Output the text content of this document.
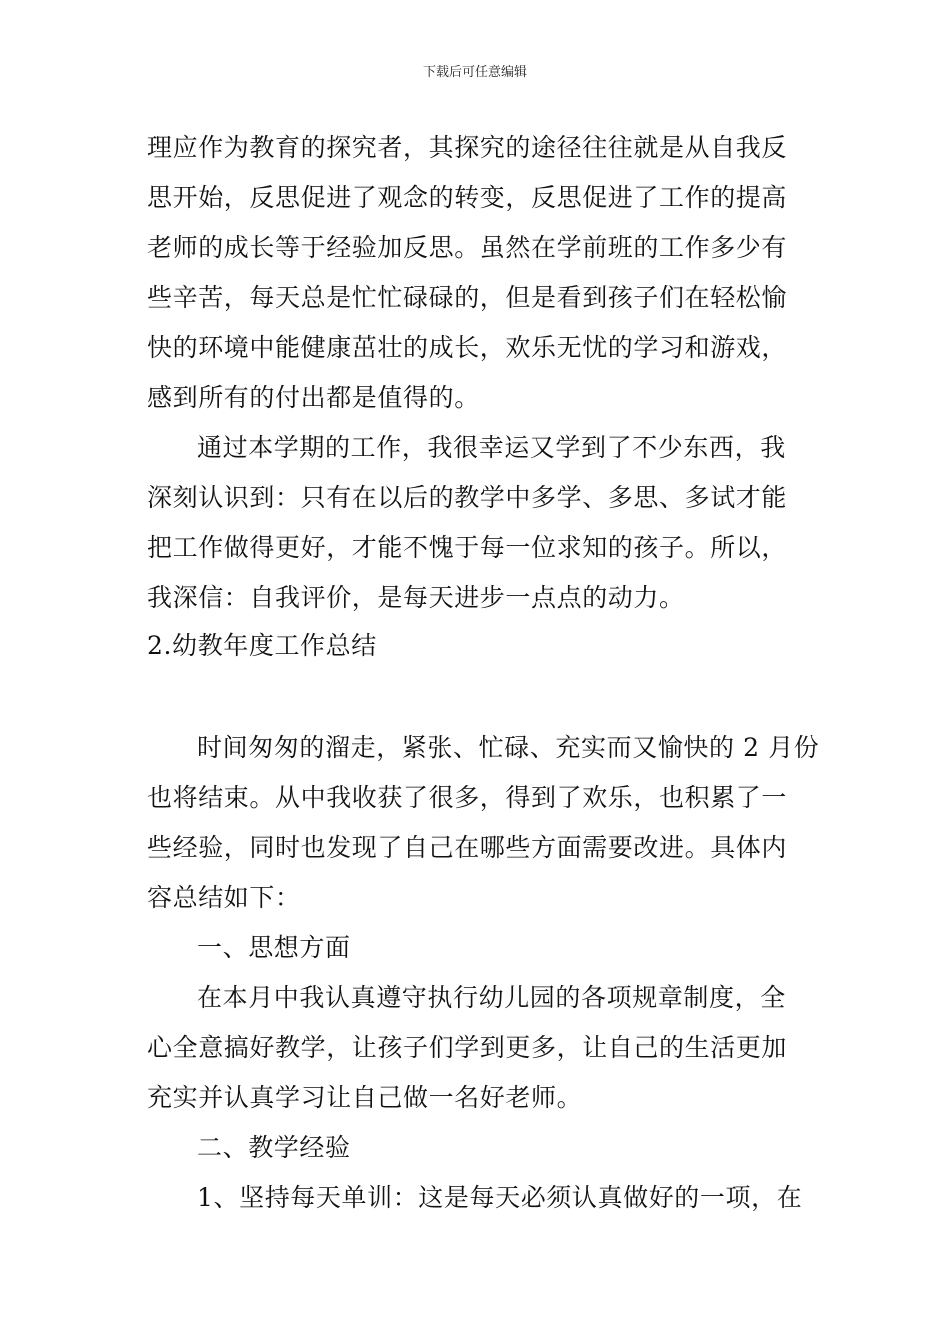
下载后可任意编辑
理应作为教育的探究者，其探究的途径往往就是从自我反
思开始，反思促进了观念的转变，反思促进了工作的提高
老师的成长等于经验加反思。虽然在学前班的工作多少有
些辛苦，每天总是忙忙碌碌的，但是看到孩子们在轻松愉
快的环境中能健康茁壮的成长，欢乐无忧的学习和游戏，
感到所有的付出都是值得的。
通过本学期的工作，我很幸运又学到了不少东西，我
深刻认识到：只有在以后的教学中多学、多思、多试才能
把工作做得更好，才能不愧于每一位求知的孩子。所以，
我深信：自我评价，是每天进步一点点的动力。
2.幼教年度工作总结
时间匆匆的溜走，紧张、忙碌、充实而又愉快的 2 月份
也将结束。从中我收获了很多，得到了欢乐，也积累了一
些经验，同时也发现了自己在哪些方面需要改进。具体内
容总结如下：
一、思想方面
在本月中我认真遵守执行幼儿园的各项规章制度，全
心全意搞好教学，让孩子们学到更多，让自己的生活更加
充实并认真学习让自己做一名好老师。
二、教学经验
1、坚持每天单训：这是每天必须认真做好的一项，在
